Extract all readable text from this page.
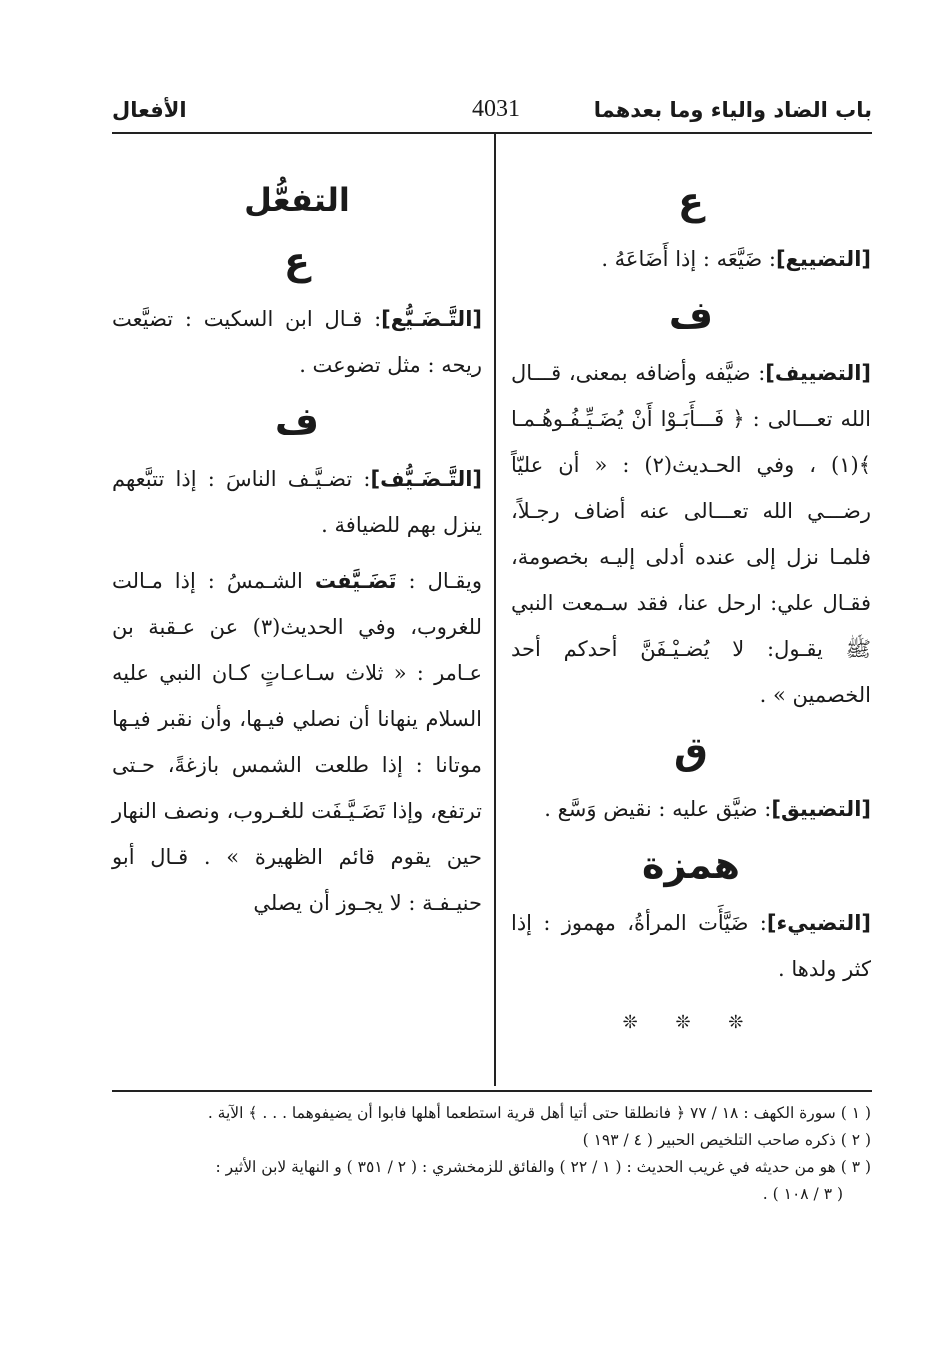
باب الضاد والياء وما بعدهما
4031
الأفعال
ع

[التضييع]: ضَيَّعَه : إذا أَضَاعَهُ .

ف

[التضييف]: ضيَّفه وأضافه بمعنى، قـــال الله تعـــالى : ﴿ فَـــأَبَـوْا أَنْ يُضَـيِّـفُـوهُـمـا ﴾(١) ، وفي الحـديث(٢) : « أن عليّاً رضـــي الله تعـــالى عنه أضاف رجـلاً، فلمـا نزل إلى عنده أدلى إليـه بخصومة، فقـال علي: ارحل عنا، فقد سـمعت النبي ﷺ يقـول: لا يُضـيْـفَنَّ أحدكم أحد الخصمين » .

ق

[التضييق]: ضيَّق عليه : نقيض وَسَّع .

همزة

[التضييء]: ضَيَّأَت المرأةُ، مهموز : إذا كثر ولدها .

❊ ❊ ❊
التفعُّل
ع

[التَّـضَـيُّع]: قـال ابن السكيت : تضيَّعت ريحه : مثل تضوعت .

ف

[التَّـضَـيُّف]: تضـيَّـف الناسَ : إذا تتبَّعهم ينزل بهم للضيافة .

ويقـال : تَضَـيَّفت الشـمسُ : إذا مـالت للغروب، وفي الحديث(٣) عن عـقبة بن عـامر : « ثلاث سـاعـاتٍ كـان النبي عليه السلام ينهانا أن نصلي فيـها، وأن نقبر فيـها موتانا : إذا طلعت الشمس بازغةً، حـتى ترتفع، وإذا تَضَـيَّـفَت للغـروب، ونصف النهار حين يقوم قائم الظهيرة » . قـال أبو حنيـفـة : لا يجـوز أن يصلي

( ١ ) سورة الكهف : ١٨ / ٧٧ ﴿ فانطلقا حتى أتيا أهل قرية استطعما أهلها فابوا أن يضيفوهما . . . ﴾ الآية .

( ٢ ) ذكره صاحب التلخيص الحبير ( ٤ / ١٩٣ )

( ٣ ) هو من حديثه في غريب الحديث : ( ١ / ٢٢ ) والفائق للزمخشري : ( ٢ / ٣٥١ ) و النهاية لابن الأثير :

( ٣ / ١٠٨ ) .
